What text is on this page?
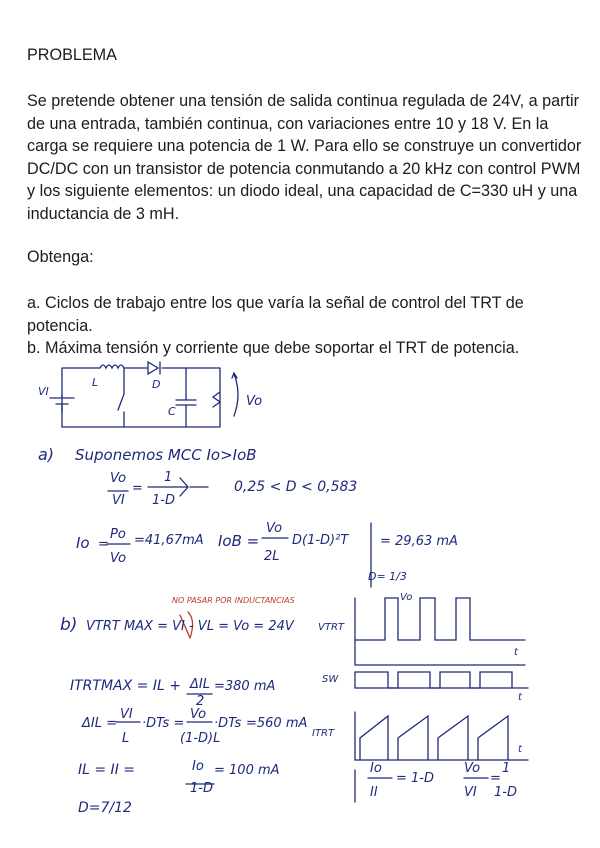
PROBLEMA
Se pretende obtener una tensión de salida continua regulada de 24V, a partir de una entrada, también continua, con variaciones entre 10 y 18 V. En la carga se requiere una potencia de 1 W. Para ello se construye un convertidor DC/DC con un transistor de potencia conmutando a 20 kHz con control PWM y los siguiente elementos: un diodo ideal, una capacidad de C=330 uH y una inductancia de 3 mH.
Obtenga:
a. Ciclos de trabajo entre los que varía la señal de control del TRT de potencia.
b. Máxima tensión y corriente que debe soportar el TRT de potencia.
VI
L	D
C
Vo
a) Suponemos MCC Io>IoB
Vo
VI
=
1
1-D
0,25 < D < 0,583
Io =
Po
Vo
=41,67mA IoB =
Vo
2L
D(1-D)²T = 29,63 mA
D= 1/3
NO PASAR POR INDUCTANCIAS
b) VTRT MAX = VI - VL = Vo = 24V
ITRTMAX = IL + ΔIL
2
=380 mA
ΔIL =
VI
L
·DTs =
Vo
(1-D)L
·DTs =560 mA
IL = II =	Io
1-D
= 100 mA
D=7/12
VTRT
Vo
t
SW
t
ITRT
t
Io
II
= 1-D
Vo
VI
=
1
1-D
